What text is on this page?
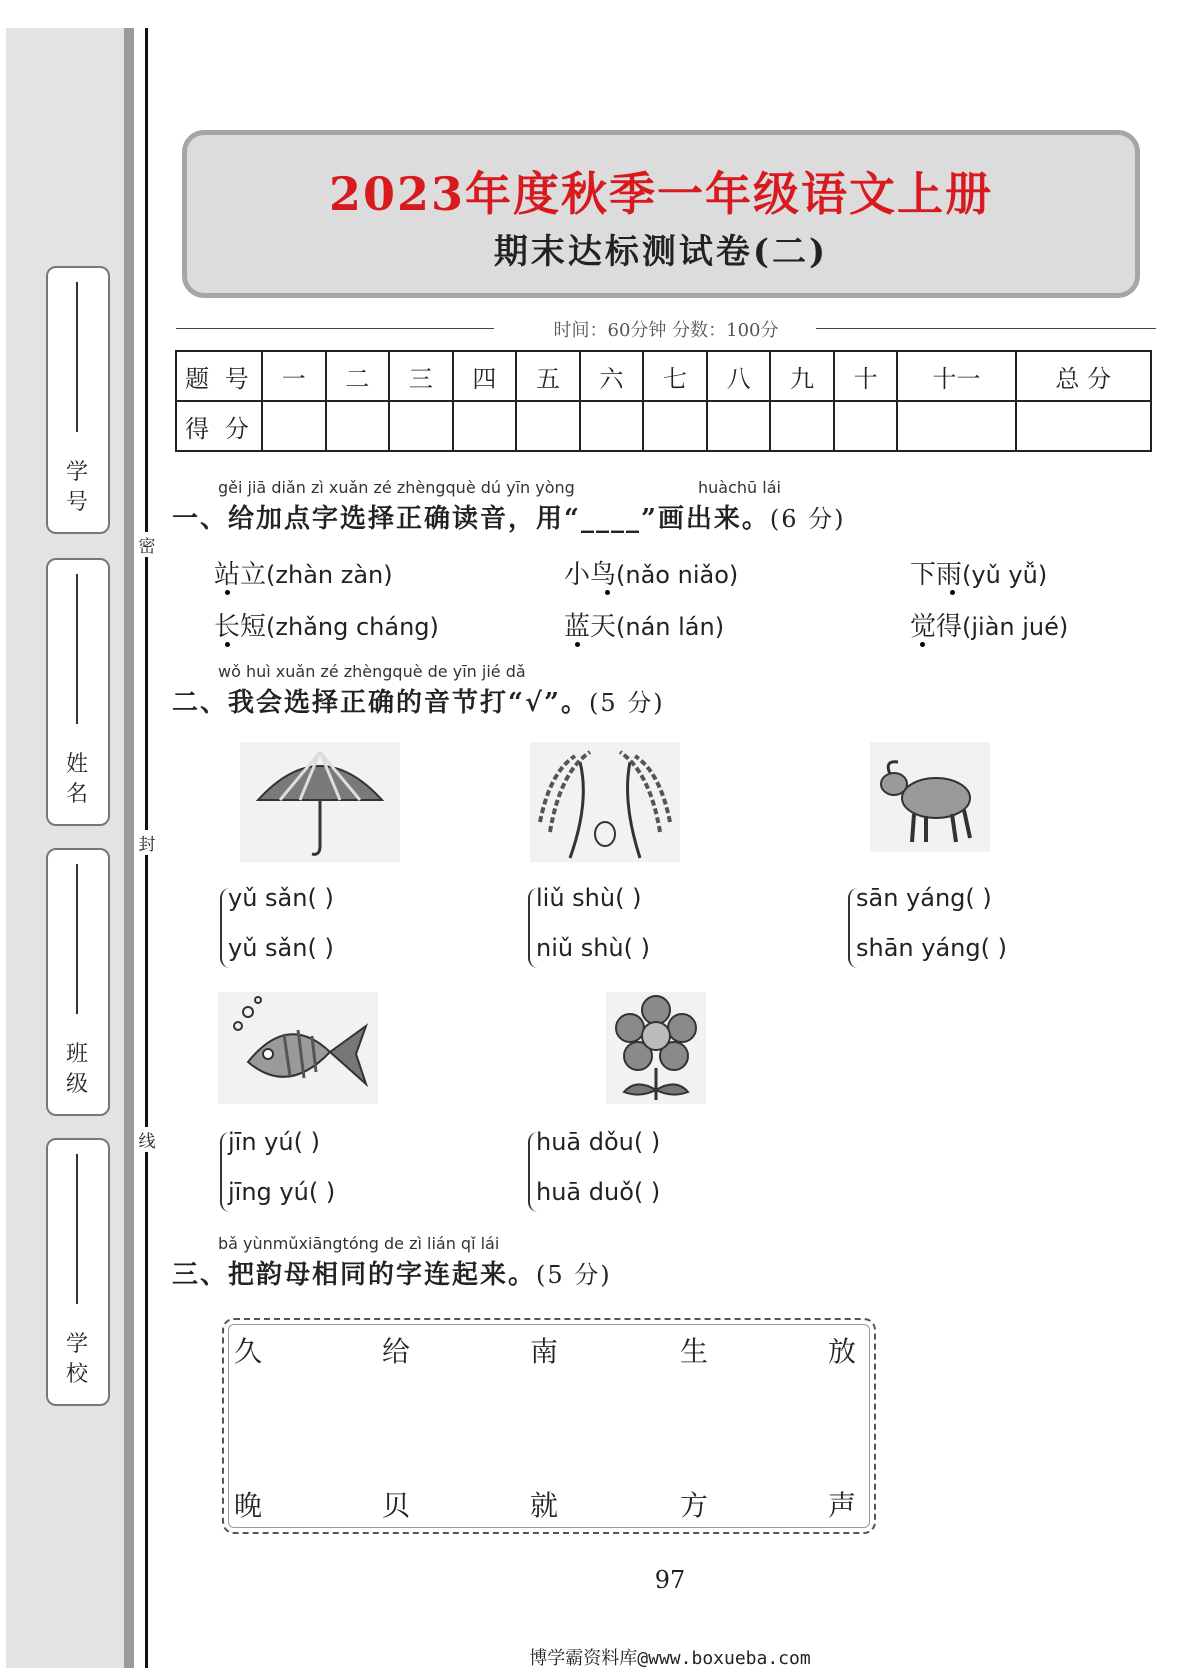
密
封
线
学 号
姓 名
班 级
学 校
2023年度秋季一年级语文上册
期末达标测试卷(二)
时间：60分钟 分数：100分
题 号	一	二	三	四	五	六	七	八	九	十	十一	总 分
得 分												
gěi jiā diǎn zì xuǎn zé zhèngquè dú yīn yòng	huàchū lái
一、给加点字选择正确读音，用“____”画出来。(6 分)
站立(zhàn zàn)	小鸟(nǎo niǎo)	下雨(yǔ yǚ)
长短(zhǎng cháng)	蓝天(nán lán)	觉得(jiàn jué)
wǒ huì xuǎn zé zhèngquè de yīn jié dǎ
二、我会选择正确的音节打“√”。(5 分)
yǔ sǎn( )
yǔ sǎn( )
liǔ shù( )
niǔ shù( )
sān yáng( )
shān yáng( )
jīn yú( )
jīng yú( )
huā dǒu( )
huā duǒ( )
bǎ yùnmǔxiāngtóng de zì lián qǐ lái
三、把韵母相同的字连起来。(5 分)
久	给	南	生	放
晚	贝	就	方	声
97
博学霸资料库@www.boxueba.com
